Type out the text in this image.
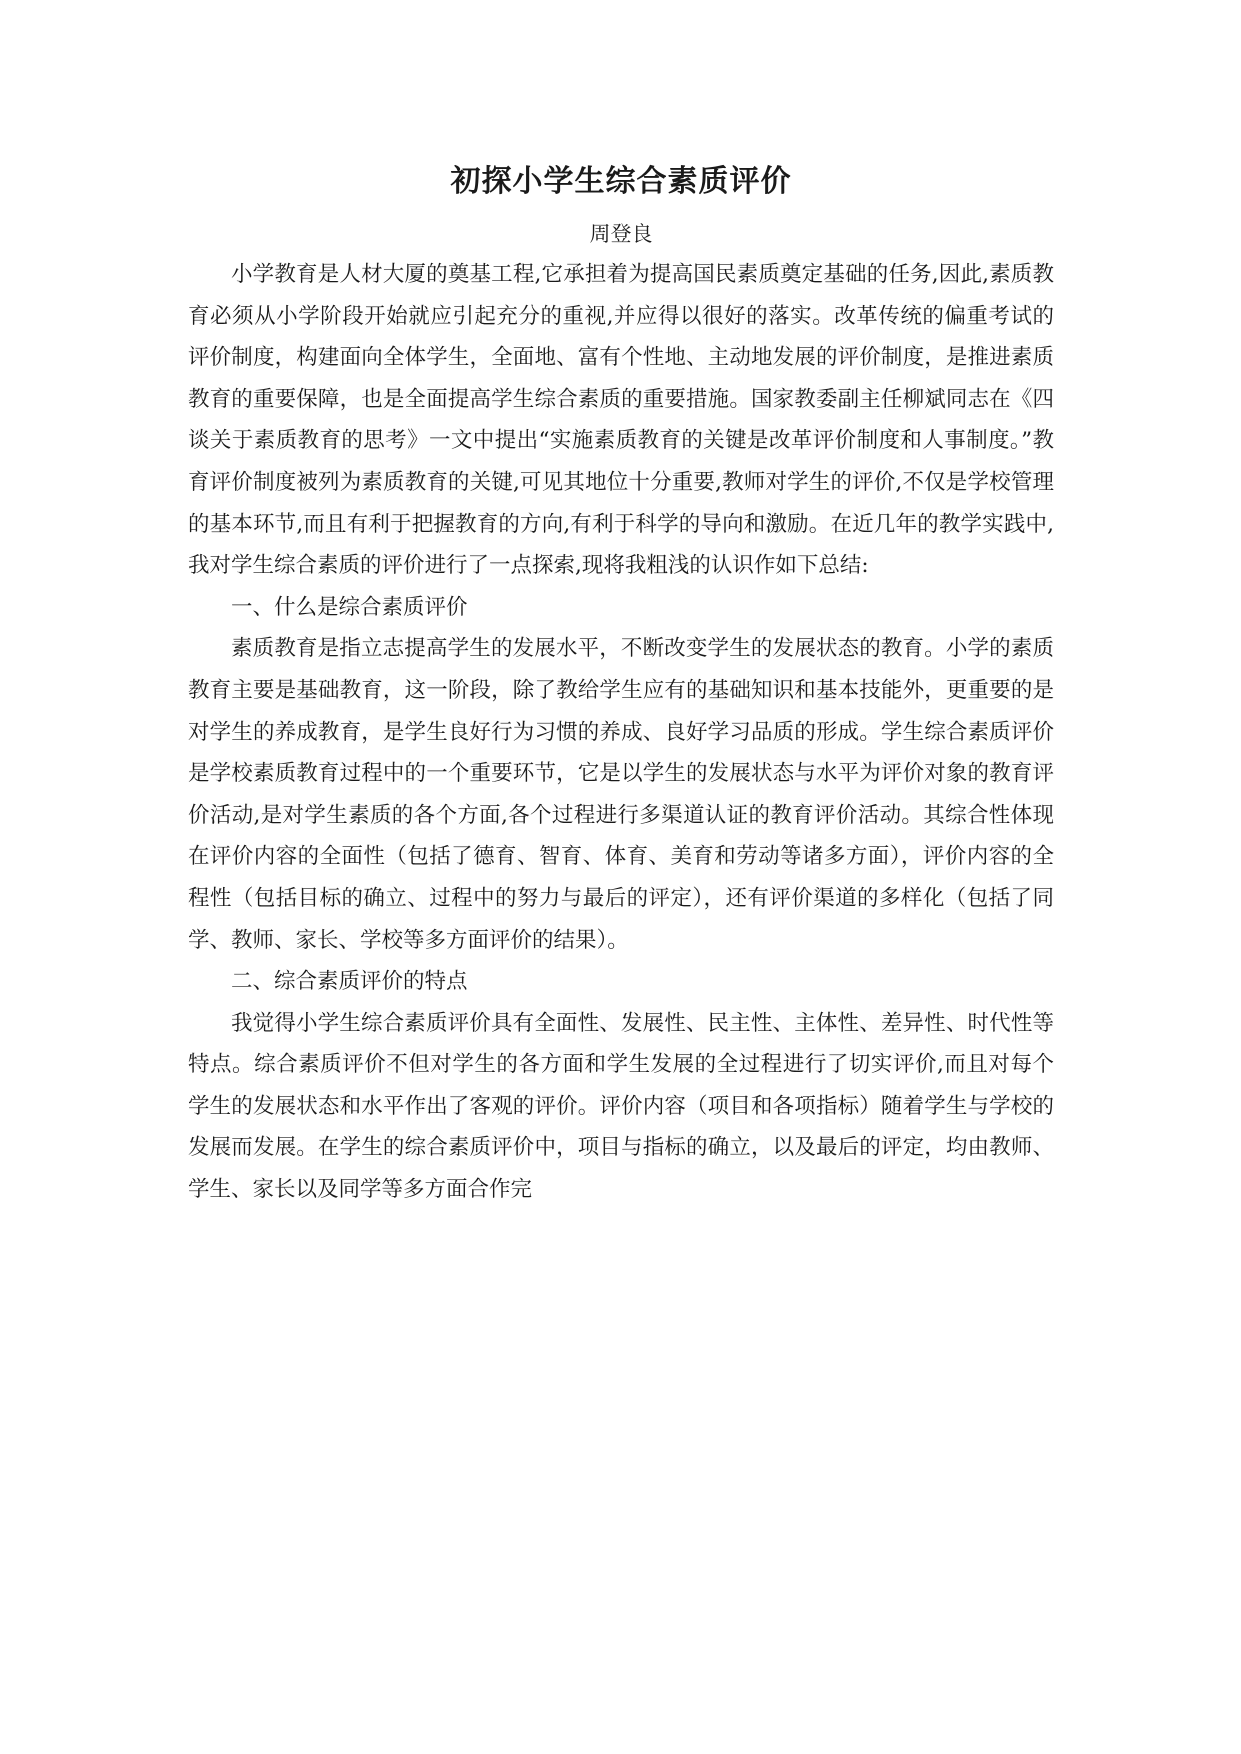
初探小学生综合素质评价

周登良

小学教育是人材大厦的奠基工程,它承担着为提高国民素质奠定基础的任务,因此,素质教育必须从小学阶段开始就应引起充分的重视,并应得以很好的落实。改革传统的偏重考试的评价制度，构建面向全体学生，全面地、富有个性地、主动地发展的评价制度，是推进素质教育的重要保障，也是全面提高学生综合素质的重要措施。国家教委副主任柳斌同志在《四谈关于素质教育的思考》一文中提出“实施素质教育的关键是改革评价制度和人事制度。”教育评价制度被列为素质教育的关键,可见其地位十分重要,教师对学生的评价,不仅是学校管理的基本环节,而且有利于把握教育的方向,有利于科学的导向和激励。在近几年的教学实践中,我对学生综合素质的评价进行了一点探索,现将我粗浅的认识作如下总结:

一、什么是综合素质评价

素质教育是指立志提高学生的发展水平，不断改变学生的发展状态的教育。小学的素质教育主要是基础教育，这一阶段，除了教给学生应有的基础知识和基本技能外，更重要的是对学生的养成教育，是学生良好行为习惯的养成、良好学习品质的形成。学生综合素质评价是学校素质教育过程中的一个重要环节，它是以学生的发展状态与水平为评价对象的教育评价活动,是对学生素质的各个方面,各个过程进行多渠道认证的教育评价活动。其综合性体现在评价内容的全面性（包括了德育、智育、体育、美育和劳动等诸多方面），评价内容的全程性（包括目标的确立、过程中的努力与最后的评定），还有评价渠道的多样化（包括了同学、教师、家长、学校等多方面评价的结果）。

二、综合素质评价的特点

我觉得小学生综合素质评价具有全面性、发展性、民主性、主体性、差异性、时代性等特点。综合素质评价不但对学生的各方面和学生发展的全过程进行了切实评价,而且对每个学生的发展状态和水平作出了客观的评价。评价内容（项目和各项指标）随着学生与学校的发展而发展。在学生的综合素质评价中，项目与指标的确立，以及最后的评定，均由教师、学生、家长以及同学等多方面合作完
